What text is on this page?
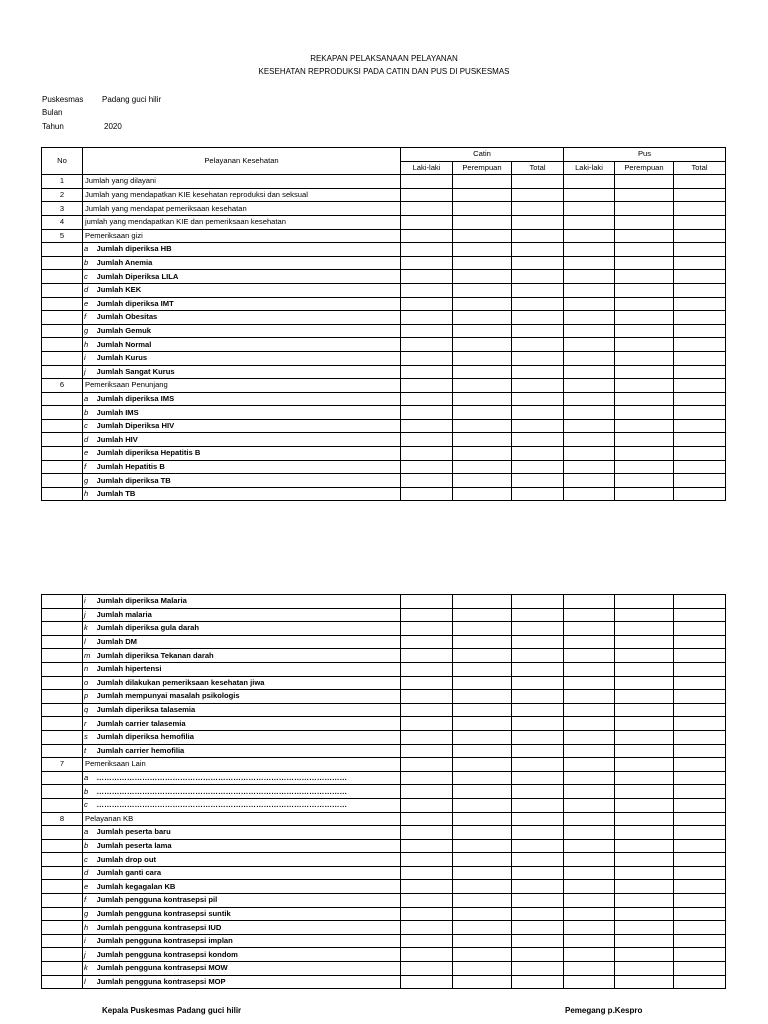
REKAPAN PELAKSANAAN PELAYANAN
KESEHATAN REPRODUKSI PADA CATIN DAN PUS DI PUSKESMAS
Puskesmas Padang guci hilir
Bulan
Tahun	2020
No	Pelayanan Kesehatan		Catin			Pus		
			Laki-laki	Perempuan	Total	Laki-laki	Perempuan	Total
1	Jumlah yang dilayani							
2	Jumlah yang mendapatkan KIE kesehatan reproduksi dan seksual							
3	Jumlah yang mendapat pemeriksaan kesehatan							
4	jumlah yang mendapatkan KIE dan pemeriksaan kesehatan							
5	Pemeriksaan gizi							
	a	Jumlah diperiksa HB						
	b	Jumlah Anemia						
	c	Jumlah Diperiksa LILA						
	d	Jumlah KEK						
	e	Jumlah diperiksa IMT						
	f	Jumlah Obesitas						
	g	Jumlah Gemuk						
	h	Jumlah Normal						
	i	Jumlah Kurus						
	j	Jumlah Sangat Kurus						
6	Pemeriksaan Penunjang							
	a	Jumlah diperiksa IMS						
	b	Jumlah IMS						
	c	Jumlah Diperiksa HIV						
	d	Jumlah HIV						
	e	Jumlah diperiksa Hepatitis B						
	f	Jumlah Hepatitis B						
	g	Jumlah diperiksa TB						
	h	Jumlah TB						
	i	Jumlah diperiksa Malaria						
	j	Jumlah malaria						
	k	Jumlah diperiksa gula darah						
	l	Jumlah DM						
	m	Jumlah diperiksa Tekanan darah						
	n	Jumlah hipertensi						
	o	Jumlah dilakukan pemeriksaan kesehatan jiwa						
	p	Jumlah mempunyai masalah psikologis						
	q	Jumlah diperiksa talasemia						
	r	Jumlah carrier talasemia						
	s	Jumlah diperiksa hemofilia						
	t	Jumlah carrier hemofilia						
7	Pemeriksaan Lain							
	a	………………………………………………………………………………………						
	b	………………………………………………………………………………………						
	c	………………………………………………………………………………………						
8	Pelayanan KB							
	a	Jumlah peserta baru						
	b	Jumlah peserta lama						
	c	Jumlah drop out						
	d	Jumlah ganti cara						
	e	Jumlah kegagalan KB						
	f	Jumlah pengguna kontrasepsi pil						
	g	Jumlah pengguna kontrasepsi suntik						
	h	Jumlah pengguna kontrasepsi IUD						
	i	Jumlah pengguna kontrasepsi implan						
	j	Jumlah pengguna kontrasepsi kondom						
	k	Jumlah pengguna kontrasepsi MOW						
	l	Jumlah pengguna kontrasepsi MOP						
Kepala Puskesmas Padang guci hilir	Pemegang p.Kespro
